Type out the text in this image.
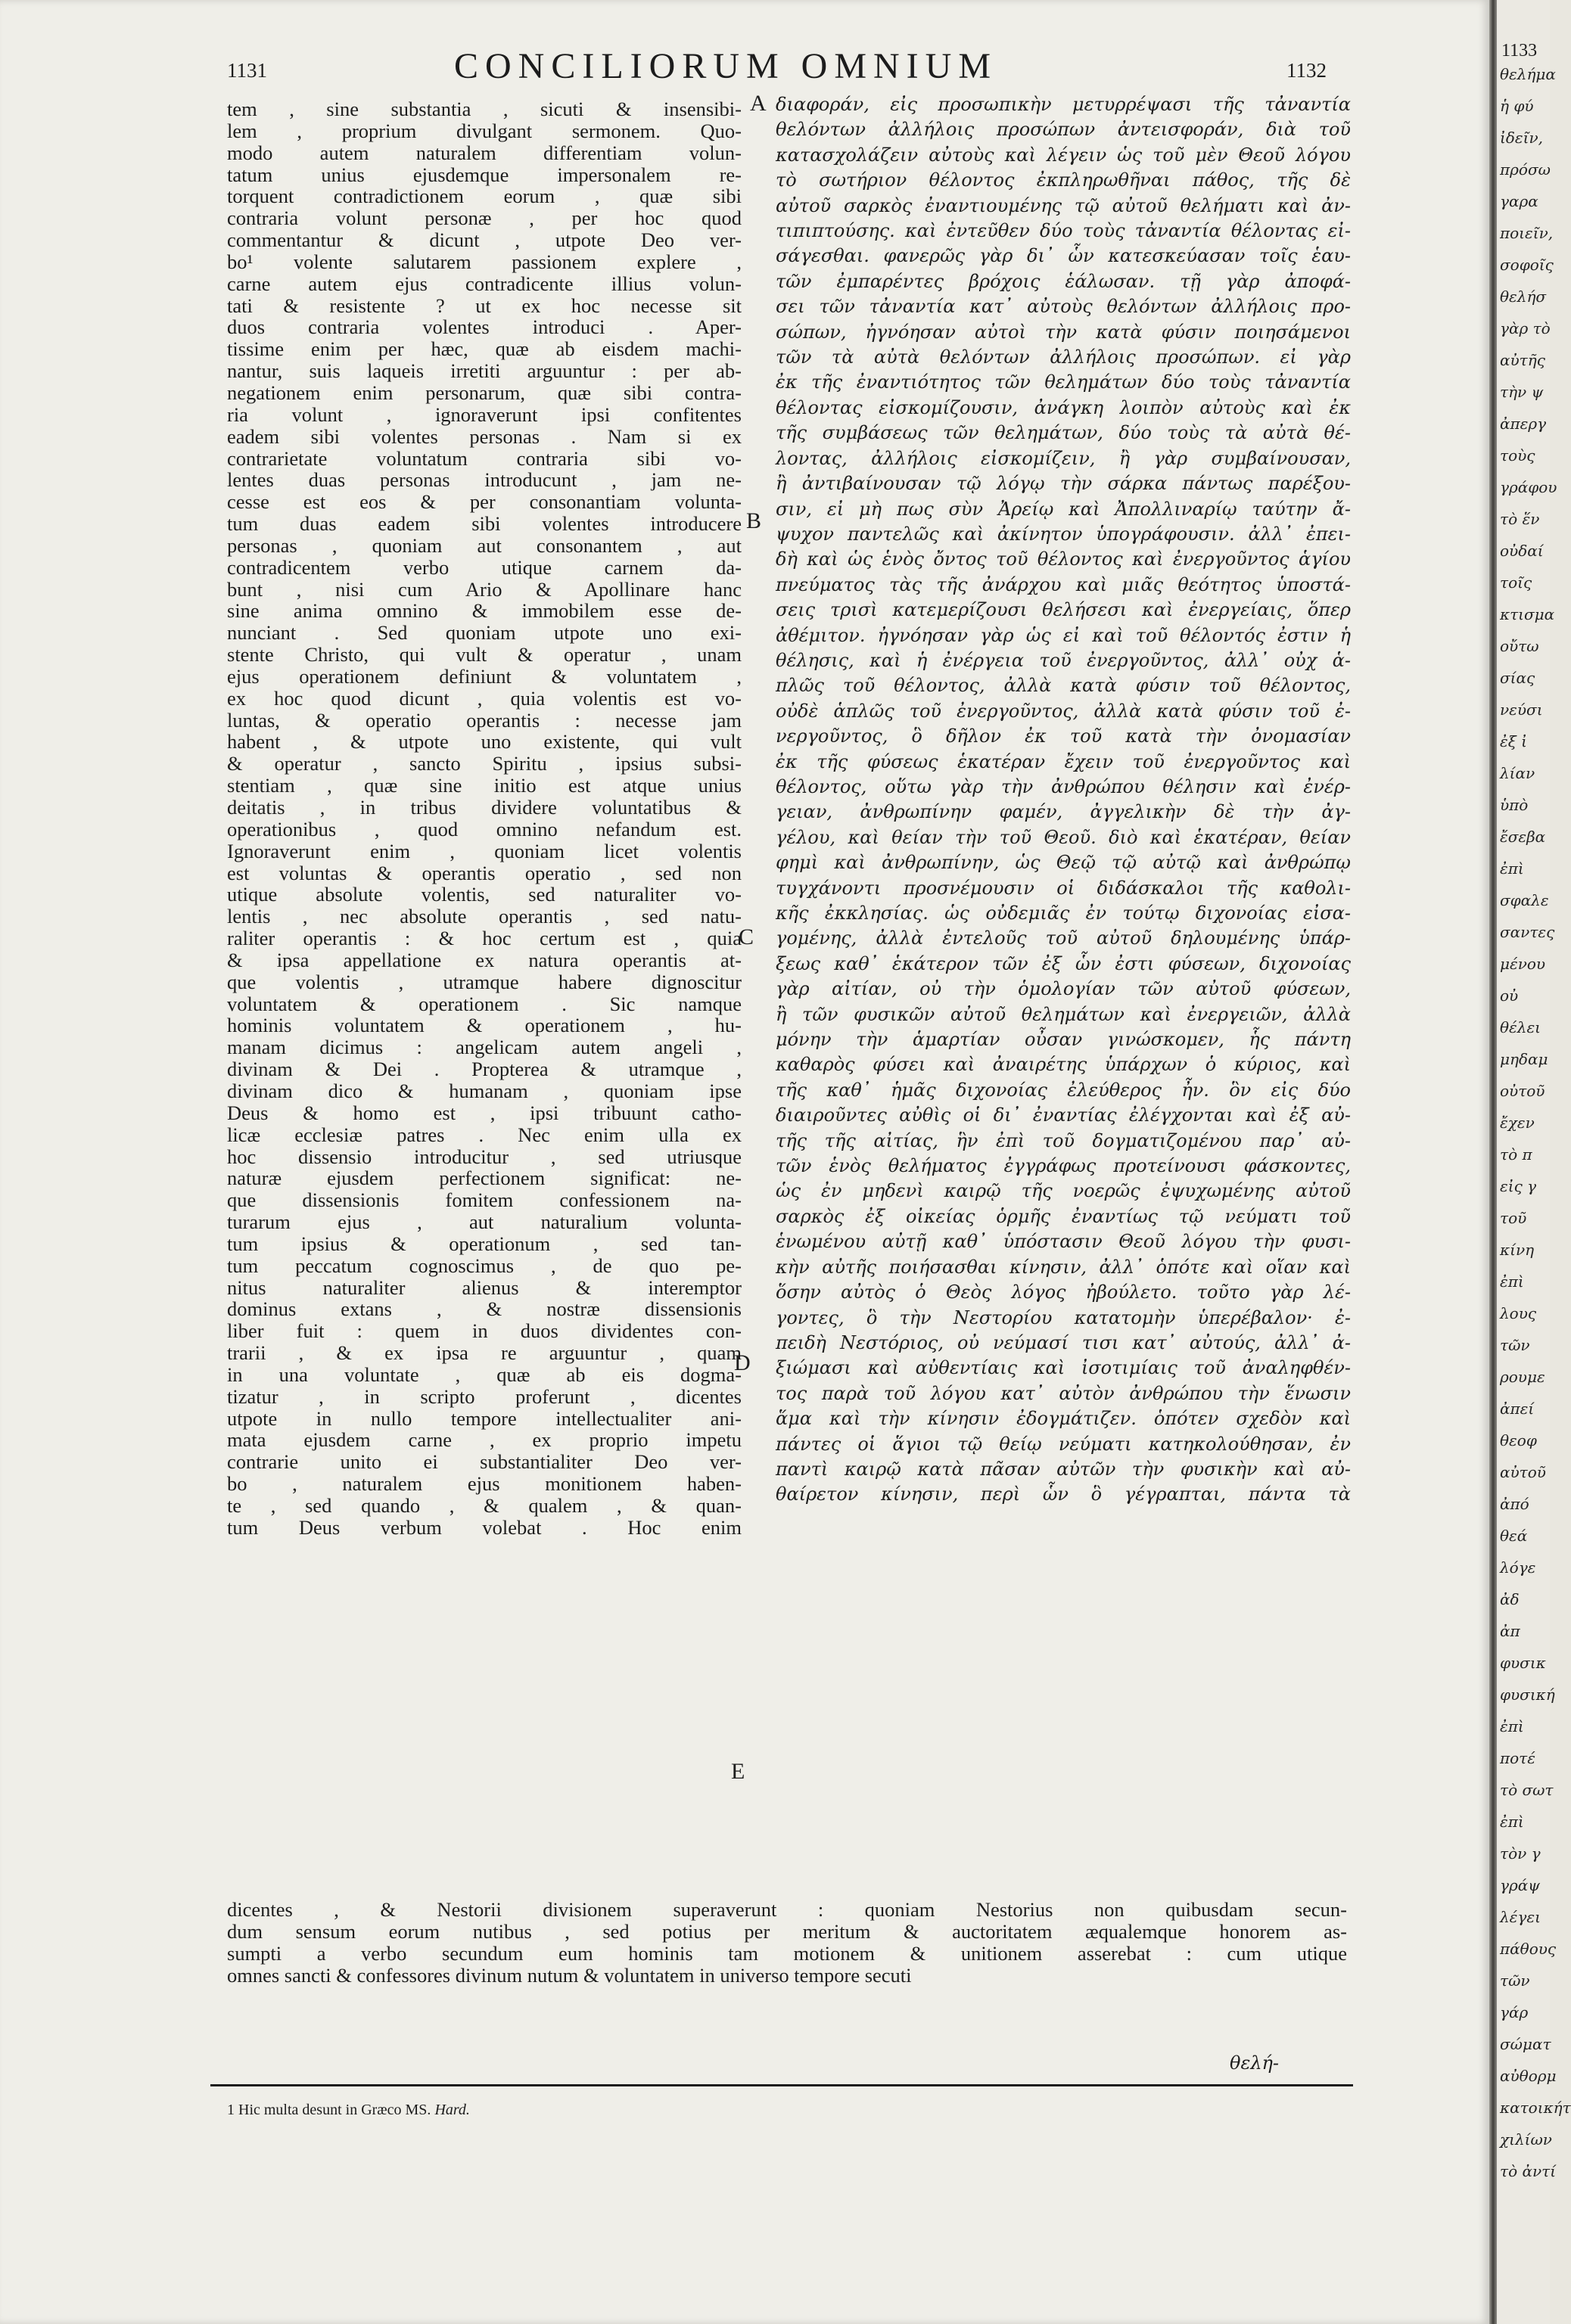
1131	CONCILIORUM OMNIUM	1132
tem , sine substantia , sicuti & insensibi-
lem , proprium divulgant sermonem. Quo-
modo autem naturalem differentiam volun-
tatum unius ejusdemque impersonalem re-
torquent contradictionem eorum , quæ sibi
contraria volunt personæ , per hoc quod
commentantur & dicunt , utpote Deo ver-
bo¹ volente salutarem passionem explere ,
carne autem ejus contradicente illius volun-
tati & resistente ? ut ex hoc necesse sit
duos contraria volentes introduci . Aper-
tissime enim per hæc, quæ ab eisdem machi-
nantur, suis laqueis irretiti arguuntur : per ab-
negationem enim personarum, quæ sibi contra-
ria volunt , ignoraverunt ipsi confitentes
eadem sibi volentes personas . Nam si ex
contrarietate voluntatum contraria sibi vo-
lentes duas personas introducunt , jam ne-
cesse est eos & per consonantiam volunta-
tum duas eadem sibi volentes introducere
personas , quoniam aut consonantem , aut
contradicentem verbo utique carnem da-
bunt , nisi cum Ario & Apollinare hanc
sine anima omnino & immobilem esse de-
nunciant . Sed quoniam utpote uno exi-
stente Christo, qui vult & operatur , unam
ejus operationem definiunt & voluntatem ,
ex hoc quod dicunt , quia volentis est vo-
luntas, & operatio operantis : necesse jam
habent , & utpote uno existente, qui vult
& operatur , sancto Spiritu , ipsius subsi-
stentiam , quæ sine initio est atque unius
deitatis , in tribus dividere voluntatibus &
operationibus , quod omnino nefandum est.
Ignoraverunt enim , quoniam licet volentis
est voluntas & operantis operatio , sed non
utique absolute volentis, sed naturaliter vo-
lentis , nec absolute operantis , sed natu-
raliter operantis : & hoc certum est , quia
& ipsa appellatione ex natura operantis at-
que volentis , utramque habere dignoscitur
voluntatem & operationem . Sic namque
hominis voluntatem & operationem , hu-
manam dicimus : angelicam autem angeli ,
divinam & Dei . Propterea & utramque ,
divinam dico & humanam , quoniam ipse
Deus & homo est , ipsi tribuunt catho-
licæ ecclesiæ patres . Nec enim ulla ex
hoc dissensio introducitur , sed utriusque
naturæ ejusdem perfectionem significat: ne-
que dissensionis fomitem confessionem na-
turarum ejus , aut naturalium volunta-
tum ipsius & operationum , sed tan-
tum peccatum cognoscimus , de quo pe-
nitus naturaliter alienus & interemptor
dominus extans , & nostræ dissensionis
liber fuit : quem in duos dividentes con-
trarii , & ex ipsa re arguuntur , quam
in una voluntate , quæ ab eis dogma-
tizatur , in scripto proferunt , dicentes
utpote in nullo tempore intellectualiter ani-
mata ejusdem carne , ex proprio impetu
contrarie unito ei substantialiter Deo ver-
bo , naturalem ejus monitionem haben-
te , sed quando , & qualem , & quan-
tum Deus verbum volebat . Hoc enim
διαφοράν, εἰς προσωπικὴν μετυρρέψασι τῆς τἀναντία
θελόντων ἀλλήλοις προσώπων ἀντεισφοράν, διὰ τοῦ
κατασχολάζειν αὐτοὺς καὶ λέγειν ὡς τοῦ μὲν Θεοῦ λόγου
τὸ σωτήριον θέλοντος ἐκπληρωθῆναι πάθος, τῆς δὲ
αὐτοῦ σαρκὸς ἐναντιουμένης τῷ αὐτοῦ θελήματι καὶ ἀν-
τιπιπτούσης. καὶ ἐντεῦθεν δύο τοὺς τἀναντία θέλοντας εἰ-
σάγεσθαι. φανερῶς γὰρ δι᾽ ὧν κατεσκεύασαν τοῖς ἑαυ-
τῶν ἐμπαρέντες βρόχοις ἑάλωσαν. τῇ γὰρ ἀποφά-
σει τῶν τἀναντία κατ᾽ αὐτοὺς θελόντων ἀλλήλοις προ-
σώπων, ἠγνόησαν αὐτοὶ τὴν κατὰ φύσιν ποιησάμενοι
τῶν τὰ αὐτὰ θελόντων ἀλλήλοις προσώπων. εἰ γὰρ
ἐκ τῆς ἐναντιότητος τῶν θελημάτων δύο τοὺς τἀναντία
θέλοντας εἰσκομίζουσιν, ἀνάγκη λοιπὸν αὐτοὺς καὶ ἐκ
τῆς συμβάσεως τῶν θελημάτων, δύο τοὺς τὰ αὐτὰ θέ-
λοντας, ἀλλήλοις εἰσκομίζειν, ἢ γὰρ συμβαίνουσαν,
ἢ ἀντιβαίνουσαν τῷ λόγῳ τὴν σάρκα πάντως παρέξου-
σιν, εἰ μὴ πως σὺν Ἀρείῳ καὶ Ἀπολλιναρίῳ ταύτην ἄ-
ψυχον παντελῶς καὶ ἀκίνητον ὑπογράφουσιν. ἀλλ᾽ ἐπει-
δὴ καὶ ὡς ἑνὸς ὄντος τοῦ θέλοντος καὶ ἐνεργοῦντος ἁγίου
πνεύματος τὰς τῆς ἀνάρχου καὶ μιᾶς θεότητος ὑποστά-
σεις τρισὶ κατεμερίζουσι θελήσεσι καὶ ἐνεργείαις, ὅπερ
ἀθέμιτον. ἠγνόησαν γὰρ ὡς εἰ καὶ τοῦ θέλοντός ἐστιν ἡ
θέλησις, καὶ ἡ ἐνέργεια τοῦ ἐνεργοῦντος, ἀλλ᾽ οὐχ ἁ-
πλῶς τοῦ θέλοντος, ἀλλὰ κατὰ φύσιν τοῦ θέλοντος,
οὐδὲ ἁπλῶς τοῦ ἐνεργοῦντος, ἀλλὰ κατὰ φύσιν τοῦ ἐ-
νεργοῦντος, ὃ δῆλον ἐκ τοῦ κατὰ τὴν ὀνομασίαν
ἐκ τῆς φύσεως ἑκατέραν ἔχειν τοῦ ἐνεργοῦντος καὶ
θέλοντος, οὕτω γὰρ τὴν ἀνθρώπου θέλησιν καὶ ἐνέρ-
γειαν, ἀνθρωπίνην φαμέν, ἀγγελικὴν δὲ τὴν ἀγ-
γέλου, καὶ θείαν τὴν τοῦ Θεοῦ. διὸ καὶ ἑκατέραν, θείαν
φημὶ καὶ ἀνθρωπίνην, ὡς Θεῷ τῷ αὐτῷ καὶ ἀνθρώπῳ
τυγχάνοντι προσνέμουσιν οἱ διδάσκαλοι τῆς καθολι-
κῆς ἐκκλησίας. ὡς οὐδεμιᾶς ἐν τούτῳ διχονοίας εἰσα-
γομένης, ἀλλὰ ἐντελοῦς τοῦ αὐτοῦ δηλουμένης ὑπάρ-
ξεως καθ᾽ ἑκάτερον τῶν ἐξ ὧν ἐστι φύσεων, διχονοίας
γὰρ αἰτίαν, οὐ τὴν ὁμολογίαν τῶν αὐτοῦ φύσεων,
ἢ τῶν φυσικῶν αὐτοῦ θελημάτων καὶ ἐνεργειῶν, ἀλλὰ
μόνην τὴν ἁμαρτίαν οὖσαν γινώσκομεν, ἧς πάντη
καθαρὸς φύσει καὶ ἀναιρέτης ὑπάρχων ὁ κύριος, καὶ
τῆς καθ᾽ ἡμᾶς διχονοίας ἐλεύθερος ἦν. ὃν εἰς δύο
διαιροῦντες αὐθὶς οἱ δι᾽ ἐναντίας ἐλέγχονται καὶ ἐξ αὐ-
τῆς τῆς αἰτίας, ἣν ἐπὶ τοῦ δογματιζομένου παρ᾽ αὐ-
τῶν ἑνὸς θελήματος ἐγγράφως προτείνουσι φάσκοντες,
ὡς ἐν μηδενὶ καιρῷ τῆς νοερῶς ἐψυχωμένης αὐτοῦ
σαρκὸς ἐξ οἰκείας ὁρμῆς ἐναντίως τῷ νεύματι τοῦ
ἑνωμένου αὐτῇ καθ᾽ ὑπόστασιν Θεοῦ λόγου τὴν φυσι-
κὴν αὐτῆς ποιήσασθαι κίνησιν, ἀλλ᾽ ὁπότε καὶ οἵαν καὶ
ὅσην αὐτὸς ὁ Θεὸς λόγος ἠβούλετο. τοῦτο γὰρ λέ-
γοντες, ὃ τὴν Νεστορίου κατατομὴν ὑπερέβαλον· ἐ-
πειδὴ Νεστόριος, οὐ νεύμασί τισι κατ᾽ αὐτούς, ἀλλ᾽ ἀ-
ξιώμασι καὶ αὐθεντίαις καὶ ἰσοτιμίαις τοῦ ἀναληφθέν-
τος παρὰ τοῦ λόγου κατ᾽ αὐτὸν ἀνθρώπου τὴν ἕνωσιν
ἅμα καὶ τὴν κίνησιν ἐδογμάτιζεν. ὁπότεν σχεδὸν καὶ
πάντες οἱ ἅγιοι τῷ θείῳ νεύματι κατηκολούθησαν, ἐν
παντὶ καιρῷ κατὰ πᾶσαν αὐτῶν τὴν φυσικὴν καὶ αὐ-
θαίρετον κίνησιν, περὶ ὧν ὃ γέγραπται, πάντα τὰ
dicentes , & Nestorii divisionem superaverunt : quoniam Nestorius non quibusdam secun-
dum sensum eorum nutibus , sed potius per meritum & auctoritatem æqualemque honorem as-
sumpti a verbo secundum eum hominis tam motionem & unitionem asserebat : cum utique
omnes sancti & confessores divinum nutum & voluntatem in universo tempore secuti
A
B
C
D
E
θελή-
1 Hic multa desunt in Græco MS. Hard.
1133
θελήμα
ἡ φύ
ἰδεῖν,
πρόσω
γαρα
ποιεῖν,
σοφοῖς
θελήσ
γὰρ τὸ
αὐτῆς
τὴν ψ
ἀπεργ
τοὺς
γράφου
τὸ ἕν
οὐδαί
τοῖς
κτισμα
οὔτω
σίας
νεύσι
ἐξ ἰ
λίαν
ὑπὸ
ἔσεβα
ἐπὶ
σφαλε
σαντες
μένου
οὐ
θέλει
μηδαμ
οὐτοῦ
ἔχεν
τὸ π
εἰς γ
τοῦ
κίνη
ἐπὶ
λους
τῶν
ρουμε
ἀπεί
θεοφ
αὐτοῦ
ἀπό
θεά
λόγε
ἀδ
ἀπ
φυσικ
φυσική
ἐπὶ
ποτέ
τὸ σωτ
ἐπὶ
τὸν γ
γράψ
λέγει
πάθους
τῶν
γάρ
σώματ
αὐθορμ
κατοικήτ
χιλίων
τὸ ἀντί
